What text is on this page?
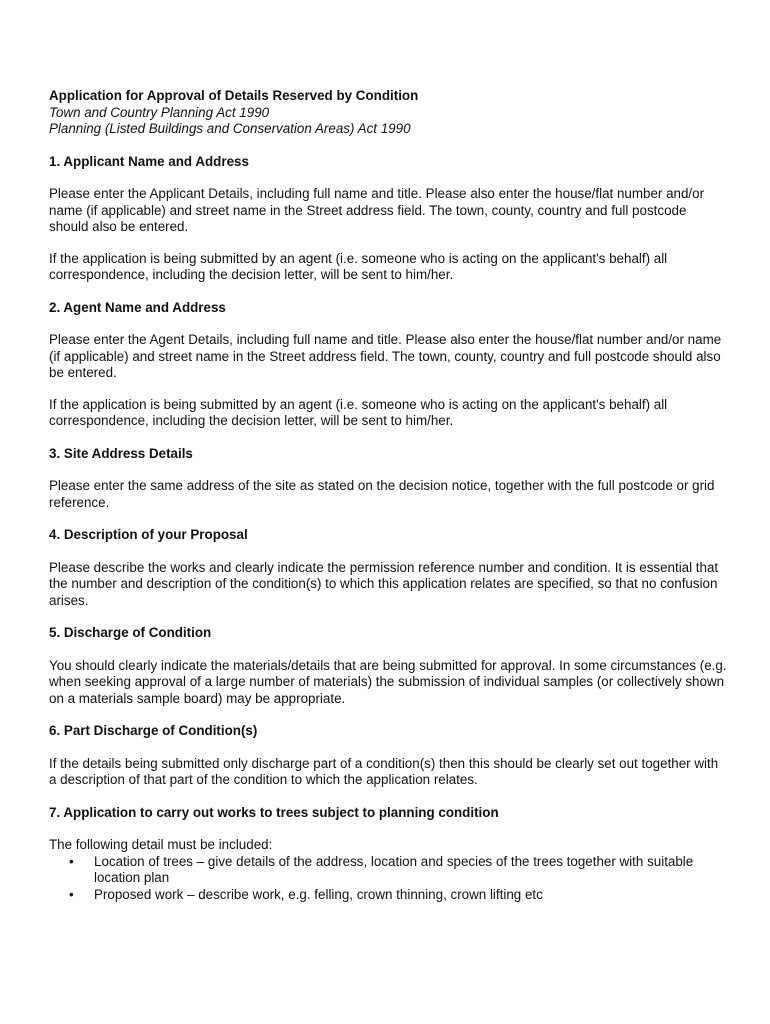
Application for Approval of Details Reserved by Condition
Town and Country Planning Act 1990
Planning (Listed Buildings and Conservation Areas) Act 1990
1. Applicant Name and Address

Please enter the Applicant Details, including full name and title. Please also enter the house/flat number and/or name (if applicable) and street name in the Street address field. The town, county, country and full postcode should also be entered.

If the application is being submitted by an agent (i.e. someone who is acting on the applicant's behalf) all correspondence, including the decision letter, will be sent to him/her.

2. Agent Name and Address

Please enter the Agent Details, including full name and title. Please also enter the house/flat number and/or name (if applicable) and street name in the Street address field. The town, county, country and full postcode should also be entered.

If the application is being submitted by an agent (i.e. someone who is acting on the applicant's behalf) all correspondence, including the decision letter, will be sent to him/her.

3. Site Address Details

Please enter the same address of the site as stated on the decision notice, together with the full postcode or grid reference.

4. Description of your Proposal

Please describe the works and clearly indicate the permission reference number and condition. It is essential that the number and description of the condition(s) to which this application relates are specified, so that no confusion arises.

5. Discharge of Condition

You should clearly indicate the materials/details that are being submitted for approval. In some circumstances (e.g. when seeking approval of a large number of materials) the submission of individual samples (or collectively shown on a materials sample board) may be appropriate.

6. Part Discharge of Condition(s)

If the details being submitted only discharge part of a condition(s) then this should be clearly set out together with a description of that part of the condition to which the application relates.

7. Application to carry out works to trees subject to planning condition
The following detail must be included:
• Location of trees – give details of the address, location and species of the trees together with suitable location plan
• Proposed work – describe work, e.g. felling, crown thinning, crown lifting etc
